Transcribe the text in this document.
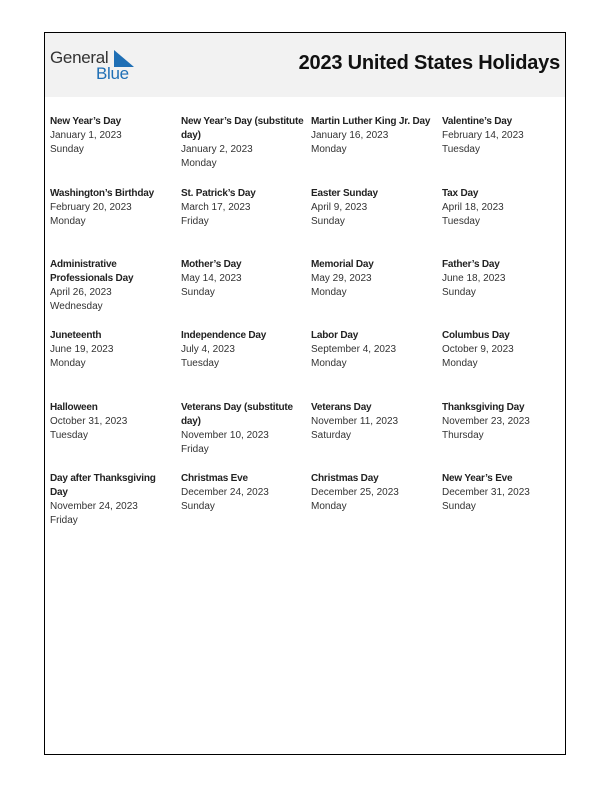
General
Blue	2023 United States Holidays
New Year’s Day
January 1, 2023
Sunday
New Year’s Day (substitute day)
January 2, 2023
Monday
Martin Luther King Jr. Day
January 16, 2023
Monday
Valentine’s Day
February 14, 2023
Tuesday
Washington’s Birthday
February 20, 2023
Monday
St. Patrick’s Day
March 17, 2023
Friday
Easter Sunday
April 9, 2023
Sunday
Tax Day
April 18, 2023
Tuesday
Administrative Professionals Day
April 26, 2023
Wednesday
Mother’s Day
May 14, 2023
Sunday
Memorial Day
May 29, 2023
Monday
Father’s Day
June 18, 2023
Sunday
Juneteenth
June 19, 2023
Monday
Independence Day
July 4, 2023
Tuesday
Labor Day
September 4, 2023
Monday
Columbus Day
October 9, 2023
Monday
Halloween
October 31, 2023
Tuesday
Veterans Day (substitute day)
November 10, 2023
Friday
Veterans Day
November 11, 2023
Saturday
Thanksgiving Day
November 23, 2023
Thursday
Day after Thanksgiving Day
November 24, 2023
Friday
Christmas Eve
December 24, 2023
Sunday
Christmas Day
December 25, 2023
Monday
New Year’s Eve
December 31, 2023
Sunday
